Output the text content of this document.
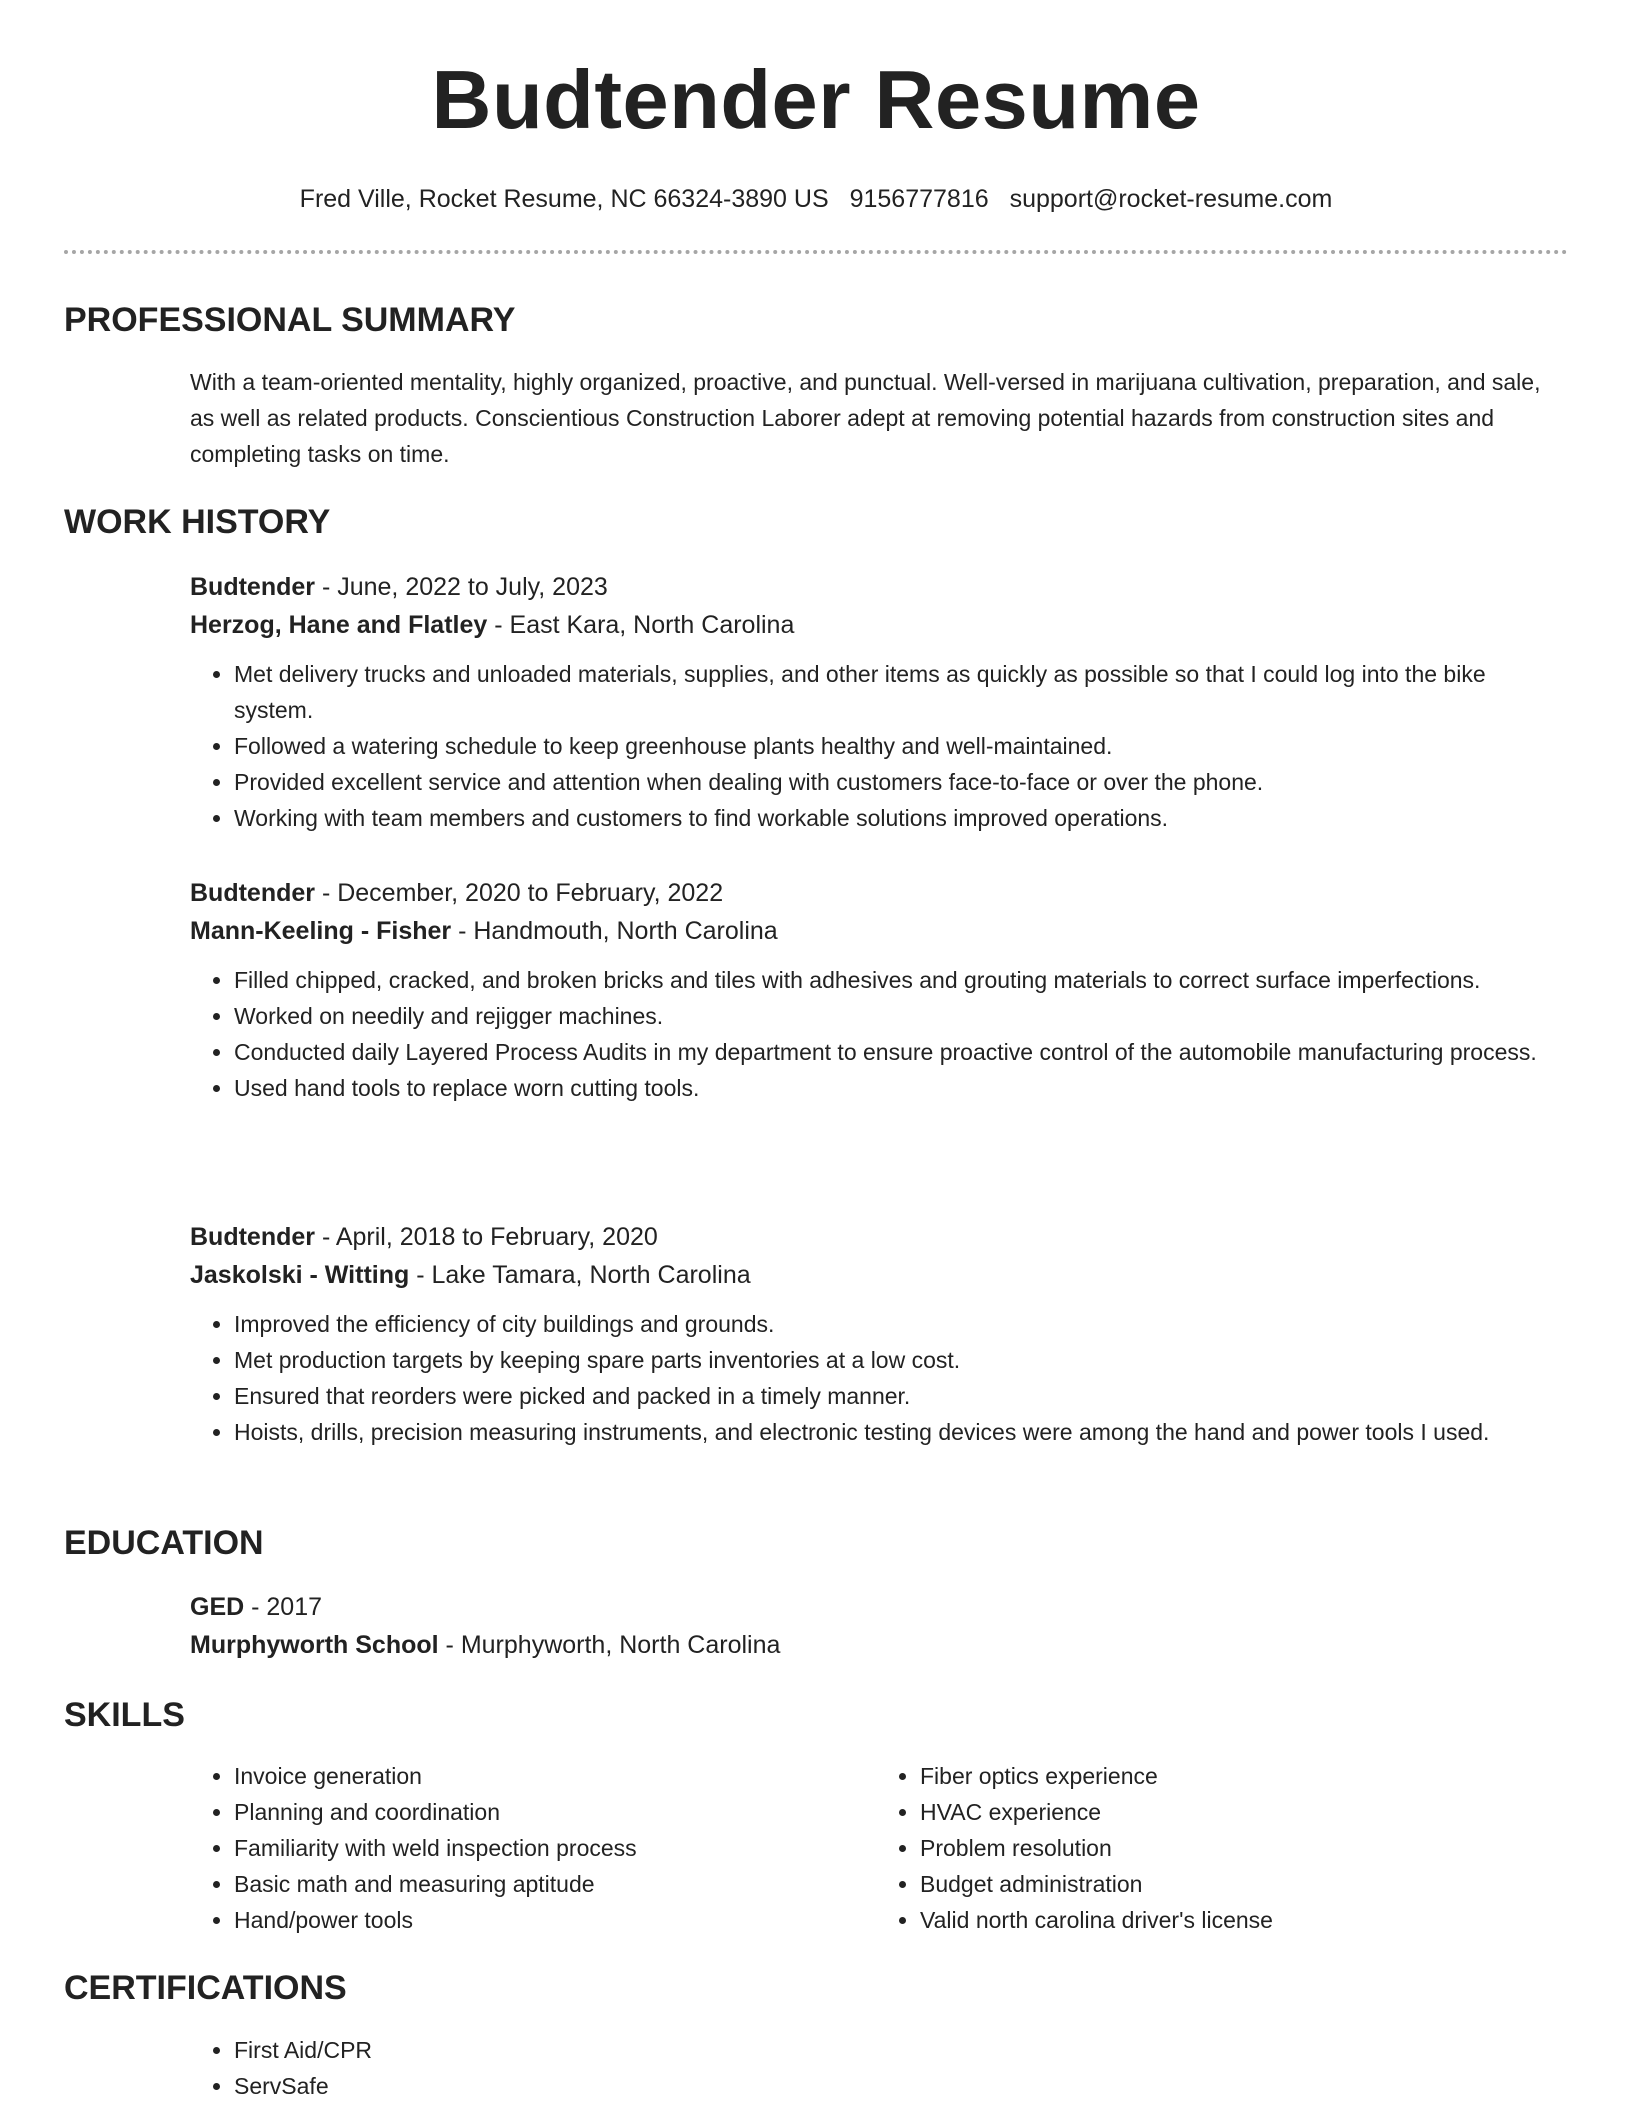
Budtender Resume
Fred Ville, Rocket Resume, NC 66324-3890 US 9156777816 support@rocket-resume.com
PROFESSIONAL SUMMARY

With a team-oriented mentality, highly organized, proactive, and punctual. Well-versed in marijuana cultivation, preparation, and sale, as well as related products. Conscientious Construction Laborer adept at removing potential hazards from construction sites and completing tasks on time.

WORK HISTORY
Budtender - June, 2022 to July, 2023
Herzog, Hane and Flatley - East Kara, North Carolina
• Met delivery trucks and unloaded materials, supplies, and other items as quickly as possible so that I could log into the bike system.
• Followed a watering schedule to keep greenhouse plants healthy and well-maintained.
• Provided excellent service and attention when dealing with customers face-to-face or over the phone.
• Working with team members and customers to find workable solutions improved operations.
Budtender - December, 2020 to February, 2022
Mann-Keeling - Fisher - Handmouth, North Carolina
• Filled chipped, cracked, and broken bricks and tiles with adhesives and grouting materials to correct surface imperfections.
• Worked on needily and rejigger machines.
• Conducted daily Layered Process Audits in my department to ensure proactive control of the automobile manufacturing process.
• Used hand tools to replace worn cutting tools.
Budtender - April, 2018 to February, 2020
Jaskolski - Witting - Lake Tamara, North Carolina
• Improved the efficiency of city buildings and grounds.
• Met production targets by keeping spare parts inventories at a low cost.
• Ensured that reorders were picked and packed in a timely manner.
• Hoists, drills, precision measuring instruments, and electronic testing devices were among the hand and power tools I used.
EDUCATION
GED - 2017
Murphyworth School - Murphyworth, North Carolina
SKILLS
• Invoice generation
• Planning and coordination
• Familiarity with weld inspection process
• Basic math and measuring aptitude
• Hand/power tools
• Fiber optics experience
• HVAC experience
• Problem resolution
• Budget administration
• Valid north carolina driver's license
CERTIFICATIONS
• First Aid/CPR
• ServSafe
